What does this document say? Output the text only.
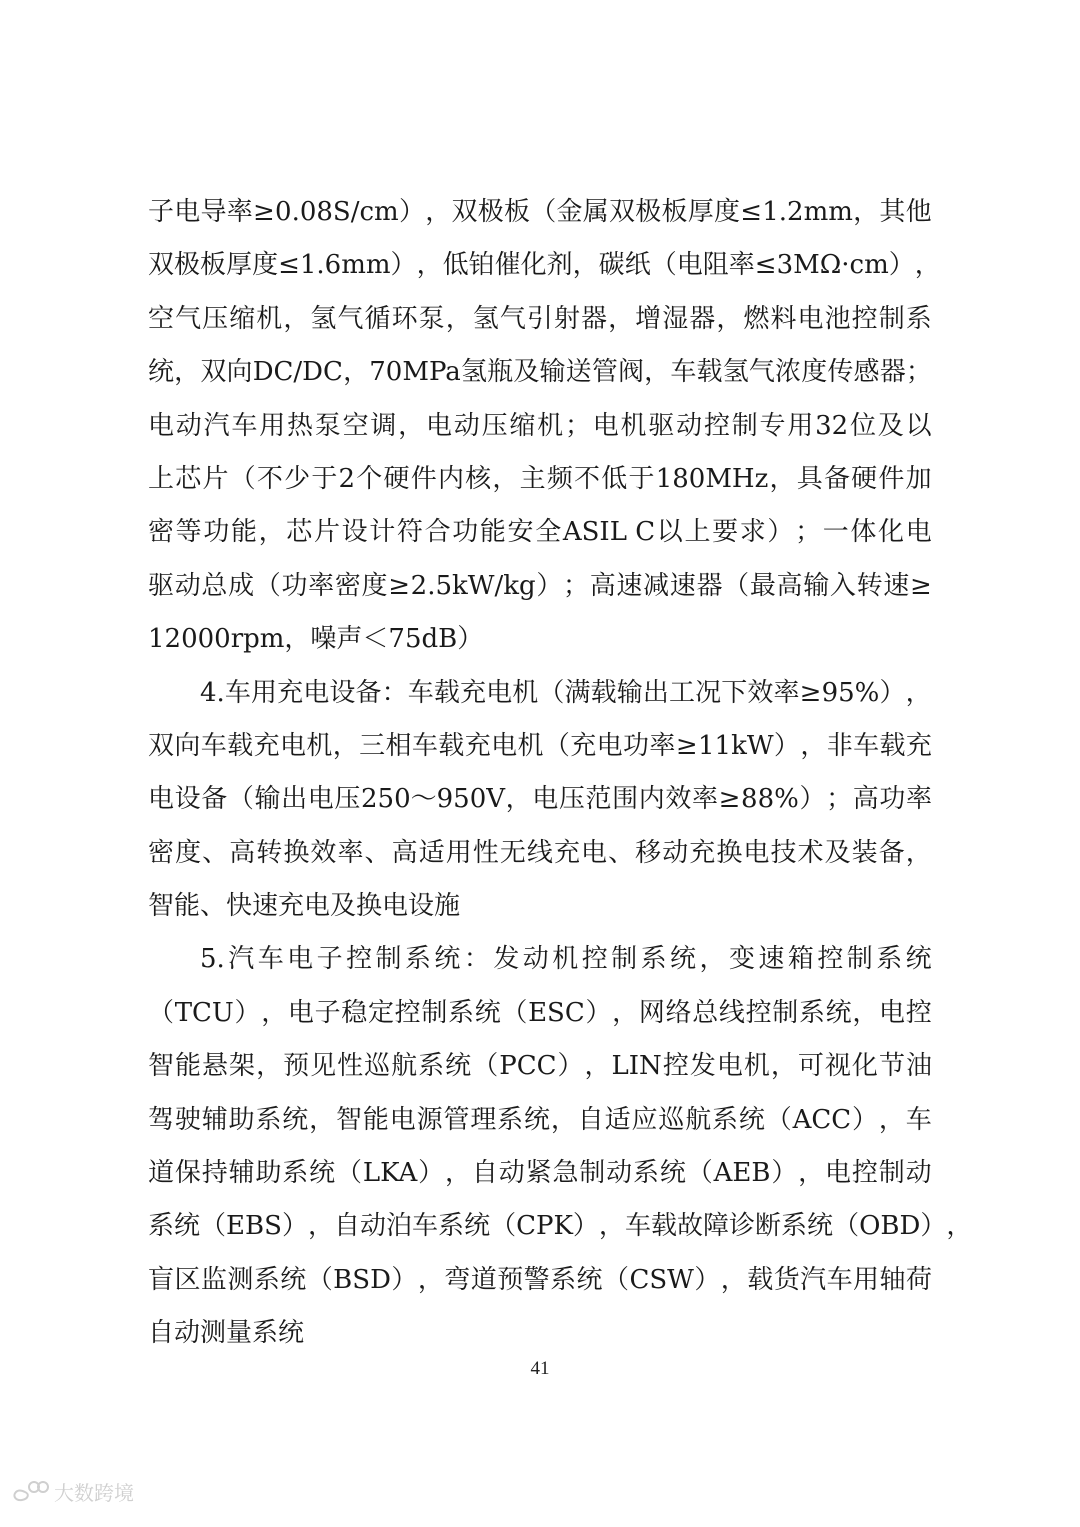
子 电 导 率 ≥ 0.08S/cm ） ， 双 极 板 （ 金 属 双 极 板 厚 度 ≤ 1.2mm ， 其 他
双 极 板 厚 度 ≤ 1.6mm ） ， 低 铂 催 化 剂 ， 碳 纸 （ 电 阻 率 ≤ 3MΩ·cm ） ，
空 气 压 缩 机 ， 氢 气 循 环 泵 ， 氢 气 引 射 器 ， 增 湿 器 ， 燃 料 电 池 控 制 系
统 ， 双 向 DC/DC ， 70MPa 氢 瓶 及 输 送 管 阀 ， 车 载 氢 气 浓 度 传 感 器 ；
电 动 汽 车 用 热 泵 空 调 ， 电 动 压 缩 机 ； 电 机 驱 动 控 制 专 用 32 位 及 以
上 芯 片 （ 不 少 于 2 个 硬 件 内 核 ， 主 频 不 低 于 180MHz ， 具 备 硬 件 加
密 等 功 能 ， 芯 片 设 计 符 合 功 能 安 全 ASIL C 以 上 要 求 ） ； 一 体 化 电
驱 动 总 成 （ 功 率 密 度 ≥ 2.5kW/kg ） ； 高 速 减 速 器 （ 最 高 输 入 转 速 ≥
12000rpm，噪声＜75dB）
4. 车 用 充 电 设 备 ： 车 载 充 电 机 （ 满 载 输 出 工 况 下 效 率 ≥ 95% ） ，
双 向 车 载 充 电 机 ， 三 相 车 载 充 电 机 （ 充 电 功 率 ≥ 11kW ） ， 非 车 载 充
电 设 备 （ 输 出 电 压 250～950V ， 电 压 范 围 内 效 率 ≥ 88% ） ； 高 功 率
密 度 、 高 转 换 效 率 、 高 适 用 性 无 线 充 电 、 移 动 充 换 电 技 术 及 装 备 ，
智能、快速充电及换电设施
5. 汽 车 电 子 控 制 系 统 ： 发 动 机 控 制 系 统 ， 变 速 箱 控 制 系 统
（ TCU ） ， 电 子 稳 定 控 制 系 统 （ ESC ） ， 网 络 总 线 控 制 系 统 ， 电 控
智 能 悬 架 ， 预 见 性 巡 航 系 统 （ PCC ） ， LIN 控 发 电 机 ， 可 视 化 节 油
驾 驶 辅 助 系 统 ， 智 能 电 源 管 理 系 统 ， 自 适 应 巡 航 系 统 （ ACC ） ， 车
道 保 持 辅 助 系 统 （ LKA ） ， 自 动 紧 急 制 动 系 统 （ AEB ） ， 电 控 制 动
系 统 （ EBS ） ， 自 动 泊 车 系 统 （ CPK ） ， 车 载 故 障 诊 断 系 统 （ OBD ） ，
盲 区 监 测 系 统 （ BSD ） ， 弯 道 预 警 系 统 （ CSW ） ， 载 货 汽 车 用 轴 荷
自动测量系统
41
大数跨境
